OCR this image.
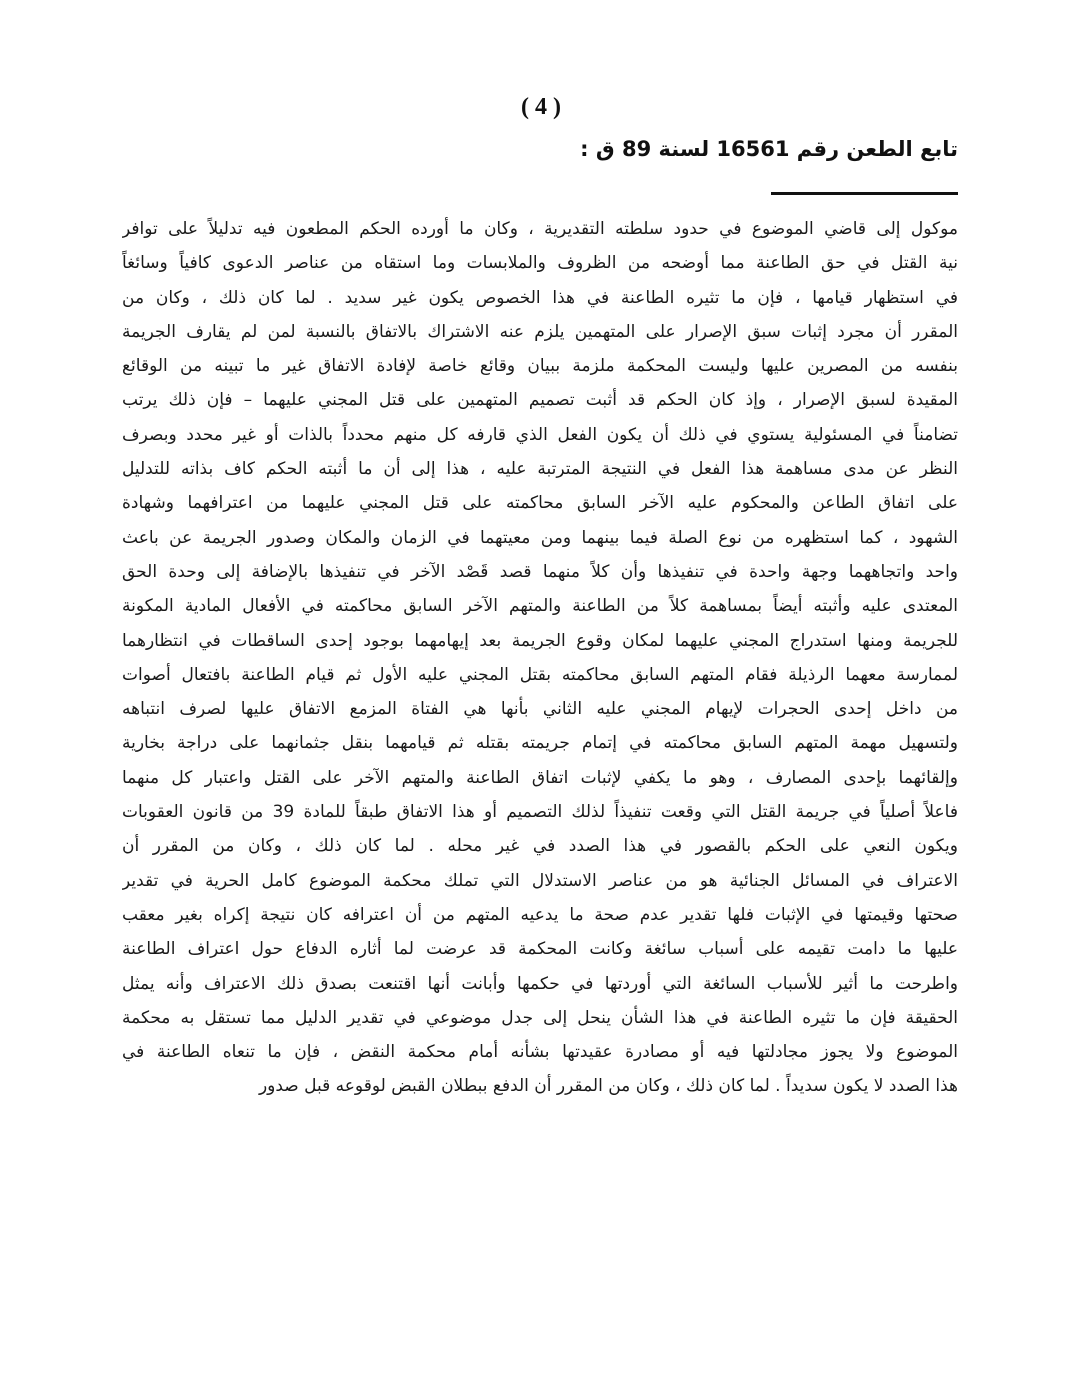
( 4 )
تابع الطعن رقم 16561 لسنة 89 ق :
موكول إلى قاضي الموضوع في حدود سلطته التقديرية ، وكان ما أورده الحكم المطعون فيه تدليلاً على توافر
نية القتل في حق الطاعنة مما أوضحه من الظروف والملابسات وما استقاه من عناصر الدعوى كافياً وسائغاً
في استظهار قيامها ، فإن ما تثيره الطاعنة في هذا الخصوص يكون غير سديد . لما كان ذلك ، وكان من
المقرر أن مجرد إثبات سبق الإصرار على المتهمين يلزم عنه الاشتراك بالاتفاق بالنسبة لمن لم يقارف الجريمة
بنفسه من المصرين عليها وليست المحكمة ملزمة ببيان وقائع خاصة لإفادة الاتفاق غير ما تبينه من الوقائع
المقيدة لسبق الإصرار ، وإذ كان الحكم قد أثبت تصميم المتهمين على قتل المجني عليهما – فإن ذلك يرتب
تضامناً في المسئولية يستوي في ذلك أن يكون الفعل الذي قارفه كل منهم محدداً بالذات أو غير محدد وبصرف
النظر عن مدى مساهمة هذا الفعل في النتيجة المترتبة عليه ، هذا إلى أن ما أثبته الحكم كاف بذاته للتدليل
على اتفاق الطاعن والمحكوم عليه الآخر السابق محاكمته على قتل المجني عليهما من اعترافهما وشهادة
الشهود ، كما استظهره من نوع الصلة فيما بينهما ومن معيتهما في الزمان والمكان وصدور الجريمة عن باعث
واحد واتجاههما وجهة واحدة في تنفيذها وأن كلاً منهما قصد قَصْد الآخر في تنفيذها بالإضافة إلى وحدة الحق
المعتدى عليه وأثبته أيضاً بمساهمة كلاً من الطاعنة والمتهم الآخر السابق محاكمته في الأفعال المادية المكونة
للجريمة ومنها استدراج المجني عليهما لمكان وقوع الجريمة بعد إيهامهما بوجود إحدى الساقطات في انتظارهما
لممارسة معهما الرذيلة فقام المتهم السابق محاكمته بقتل المجني عليه الأول ثم قيام الطاعنة بافتعال أصوات
من داخل إحدى الحجرات لإيهام المجني عليه الثاني بأنها هي الفتاة المزمع الاتفاق عليها لصرف انتباهه
ولتسهيل مهمة المتهم السابق محاكمته في إتمام جريمته بقتله ثم قيامهما بنقل جثمانهما على دراجة بخارية
وإلقائهما بإحدى المصارف ، وهو ما يكفي لإثبات اتفاق الطاعنة والمتهم الآخر على القتل واعتبار كل منهما
فاعلاً أصلياً في جريمة القتل التي وقعت تنفيذاً لذلك التصميم أو هذا الاتفاق طبقاً للمادة 39 من قانون العقوبات
ويكون النعي على الحكم بالقصور في هذا الصدد في غير محله . لما كان ذلك ، وكان من المقرر أن
الاعتراف في المسائل الجنائية هو من عناصر الاستدلال التي تملك محكمة الموضوع كامل الحرية في تقدير
صحتها وقيمتها في الإثبات فلها تقدير عدم صحة ما يدعيه المتهم من أن اعترافه كان نتيجة إكراه بغير معقب
عليها ما دامت تقيمه على أسباب سائغة وكانت المحكمة قد عرضت لما أثاره الدفاع حول اعتراف الطاعنة
واطرحت ما أثير للأسباب السائغة التي أوردتها في حكمها وأبانت أنها اقتنعت بصدق ذلك الاعتراف وأنه يمثل
الحقيقة فإن ما تثيره الطاعنة في هذا الشأن ينحل إلى جدل موضوعي في تقدير الدليل مما تستقل به محكمة
الموضوع ولا يجوز مجادلتها فيه أو مصادرة عقيدتها بشأنه أمام محكمة النقض ، فإن ما تنعاه الطاعنة في
هذا الصدد لا يكون سديداً . لما كان ذلك ، وكان من المقرر أن الدفع ببطلان القبض لوقوعه قبل صدور
